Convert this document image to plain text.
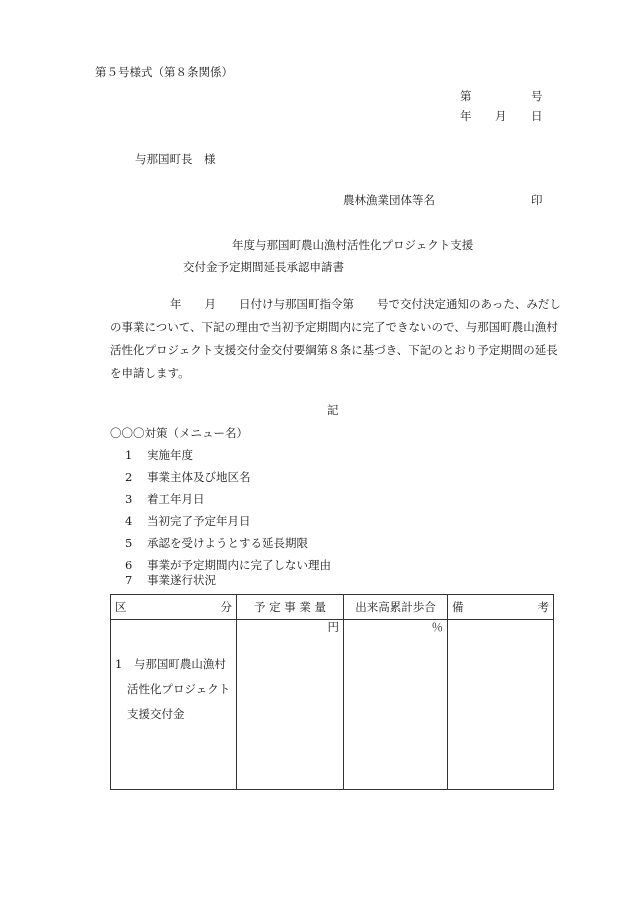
第５号様式（第８条関係）
第	号
年 月 日
与那国町長　様
農林漁業団体等名	印
年度与那国町農山漁村活性化プロジェクト支援
交付金予定期間延長承認申請書
年　　月　　日付け与那国町指令第　　号で交付決定通知のあった、みだし
の事業について、下記の理由で当初予定期間内に完了できないので、与那国町農山漁村
活性化プロジェクト支援交付金交付要綱第８条に基づき、下記のとおり予定期間の延長
を申請します。
記
〇〇〇対策（メニュー名）
1 実施年度
2 事業主体及び地区名
3 着工年月日
4 当初完了予定年月日
5 承認を受けようとする延長期限
6 事業が予定期間内に完了しない理由
7 事業遂行状況
区 分	予 定 事 業 量	出来高累計歩合	備 考

1　与那国町農山漁村
活性化プロジェクト
支援交付金	円	％	
